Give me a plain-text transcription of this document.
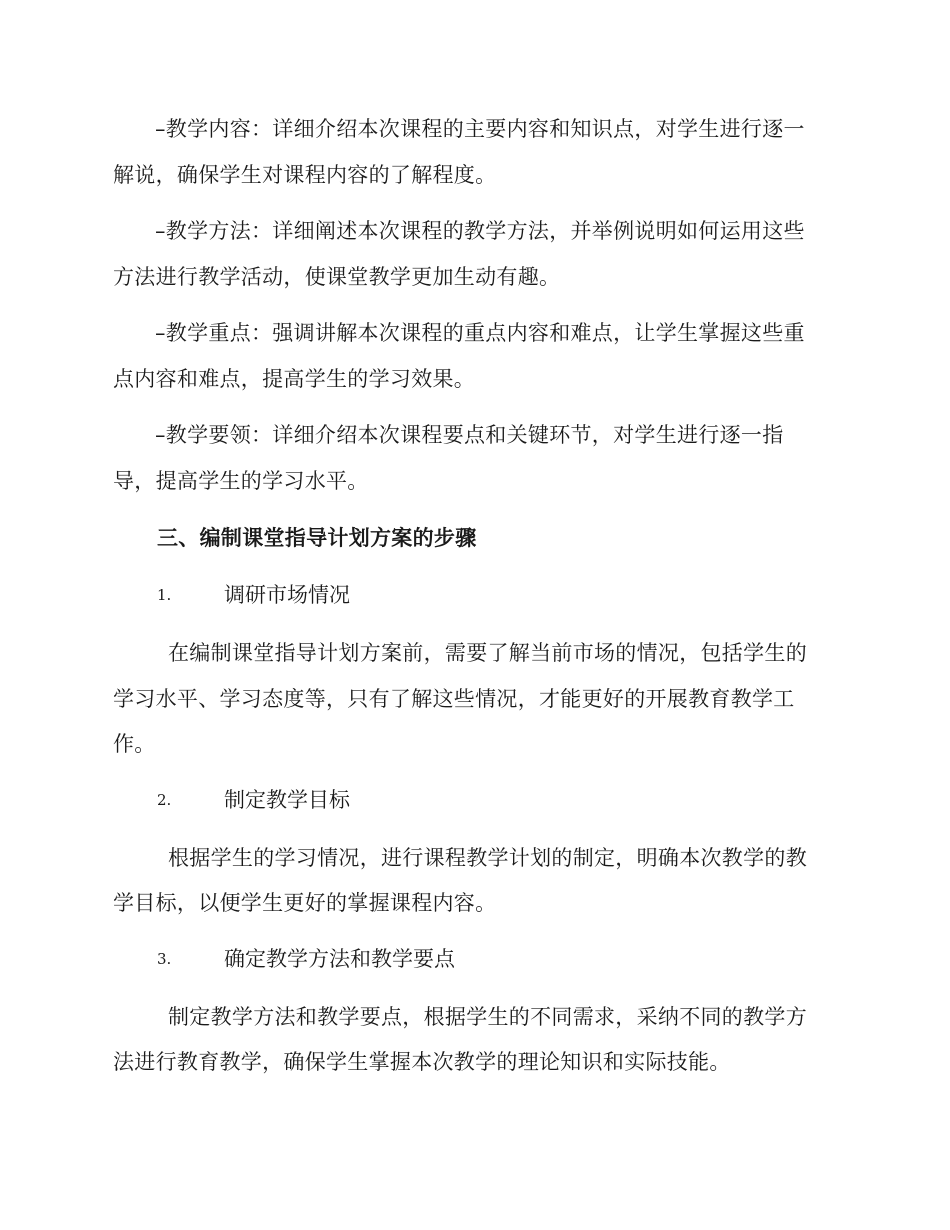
–教学内容：详细介绍本次课程的主要内容和知识点，对学生进行逐一
解说，确保学生对课程内容的了解程度。
–教学方法：详细阐述本次课程的教学方法，并举例说明如何运用这些
方法进行教学活动，使课堂教学更加生动有趣。
–教学重点：强调讲解本次课程的重点内容和难点，让学生掌握这些重
点内容和难点，提高学生的学习效果。
–教学要领：详细介绍本次课程要点和关键环节，对学生进行逐一指
导，提高学生的学习水平。
三、编制课堂指导计划方案的步骤
1.	调研市场情况
在编制课堂指导计划方案前，需要了解当前市场的情况，包括学生的
学习水平、学习态度等，只有了解这些情况，才能更好的开展教育教学工
作。
2.	制定教学目标
根据学生的学习情况，进行课程教学计划的制定，明确本次教学的教
学目标，以便学生更好的掌握课程内容。
3.	确定教学方法和教学要点
制定教学方法和教学要点，根据学生的不同需求，采纳不同的教学方
法进行教育教学，确保学生掌握本次教学的理论知识和实际技能。
